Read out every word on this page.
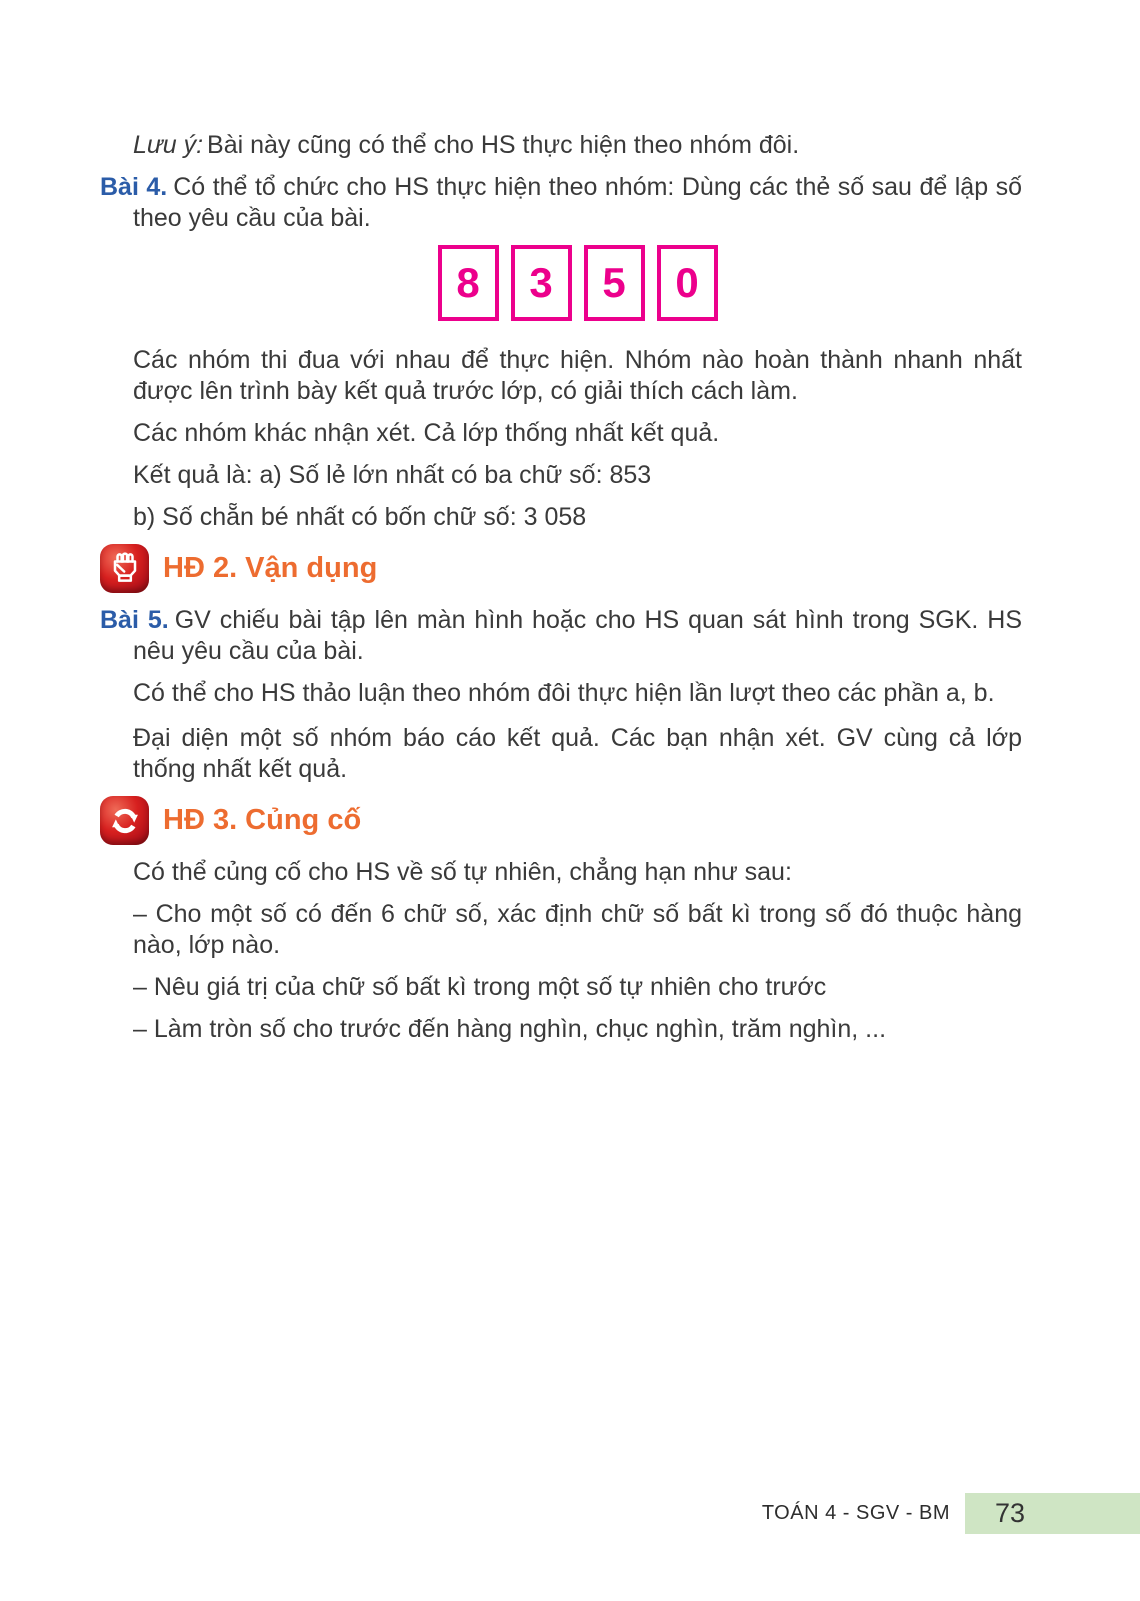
Lưu ý: Bài này cũng có thể cho HS thực hiện theo nhóm đôi.

Bài 4. Có thể tổ chức cho HS thực hiện theo nhóm: Dùng các thẻ số sau để lập số theo yêu cầu của bài.

8 3 5 0

Các nhóm thi đua với nhau để thực hiện. Nhóm nào hoàn thành nhanh nhất được lên trình bày kết quả trước lớp, có giải thích cách làm.

Các nhóm khác nhận xét. Cả lớp thống nhất kết quả.

Kết quả là: a) Số lẻ lớn nhất có ba chữ số: 853

b) Số chẵn bé nhất có bốn chữ số: 3 058

HĐ 2. Vận dụng

Bài 5. GV chiếu bài tập lên màn hình hoặc cho HS quan sát hình trong SGK. HS nêu yêu cầu của bài.

Có thể cho HS thảo luận theo nhóm đôi thực hiện lần lượt theo các phần a, b.

Đại diện một số nhóm báo cáo kết quả. Các bạn nhận xét. GV cùng cả lớp thống nhất kết quả.

HĐ 3. Củng cố

Có thể củng cố cho HS về số tự nhiên, chẳng hạn như sau:

– Cho một số có đến 6 chữ số, xác định chữ số bất kì trong số đó thuộc hàng nào, lớp nào.

– Nêu giá trị của chữ số bất kì trong một số tự nhiên cho trước

– Làm tròn số cho trước đến hàng nghìn, chục nghìn, trăm nghìn, ...

TOÁN 4 - SGV - BM 73
